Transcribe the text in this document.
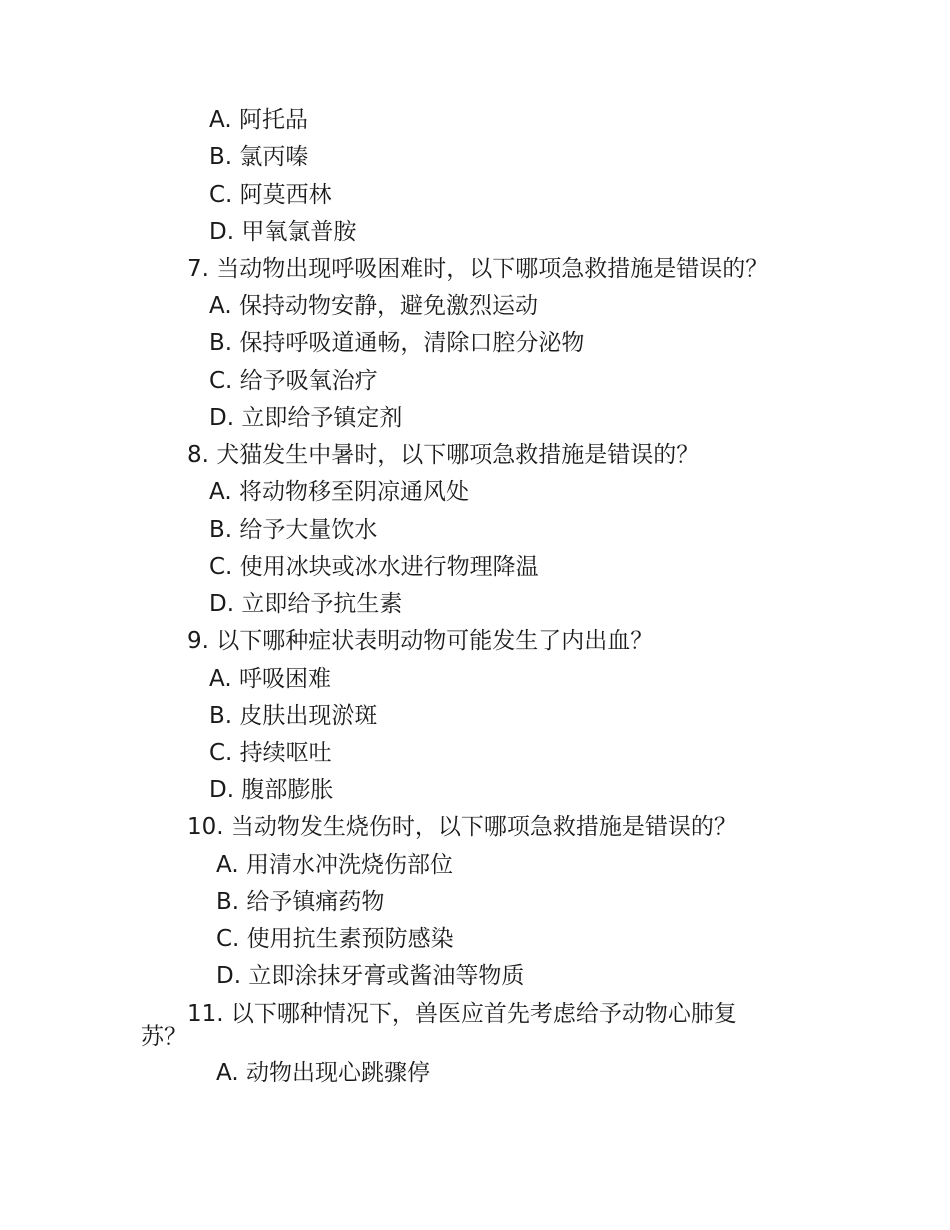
A. 阿托品
B. 氯丙嗪
C. 阿莫西林
D. 甲氧氯普胺
7. 当动物出现呼吸困难时，以下哪项急救措施是错误的？
A. 保持动物安静，避免激烈运动
B. 保持呼吸道通畅，清除口腔分泌物
C. 给予吸氧治疗
D. 立即给予镇定剂
8. 犬猫发生中暑时，以下哪项急救措施是错误的？
A. 将动物移至阴凉通风处
B. 给予大量饮水
C. 使用冰块或冰水进行物理降温
D. 立即给予抗生素
9. 以下哪种症状表明动物可能发生了内出血？
A. 呼吸困难
B. 皮肤出现淤斑
C. 持续呕吐
D. 腹部膨胀
10. 当动物发生烧伤时，以下哪项急救措施是错误的？
A. 用清水冲洗烧伤部位
B. 给予镇痛药物
C. 使用抗生素预防感染
D. 立即涂抹牙膏或酱油等物质
11. 以下哪种情况下，兽医应首先考虑给予动物心肺复
苏？
A. 动物出现心跳骤停
